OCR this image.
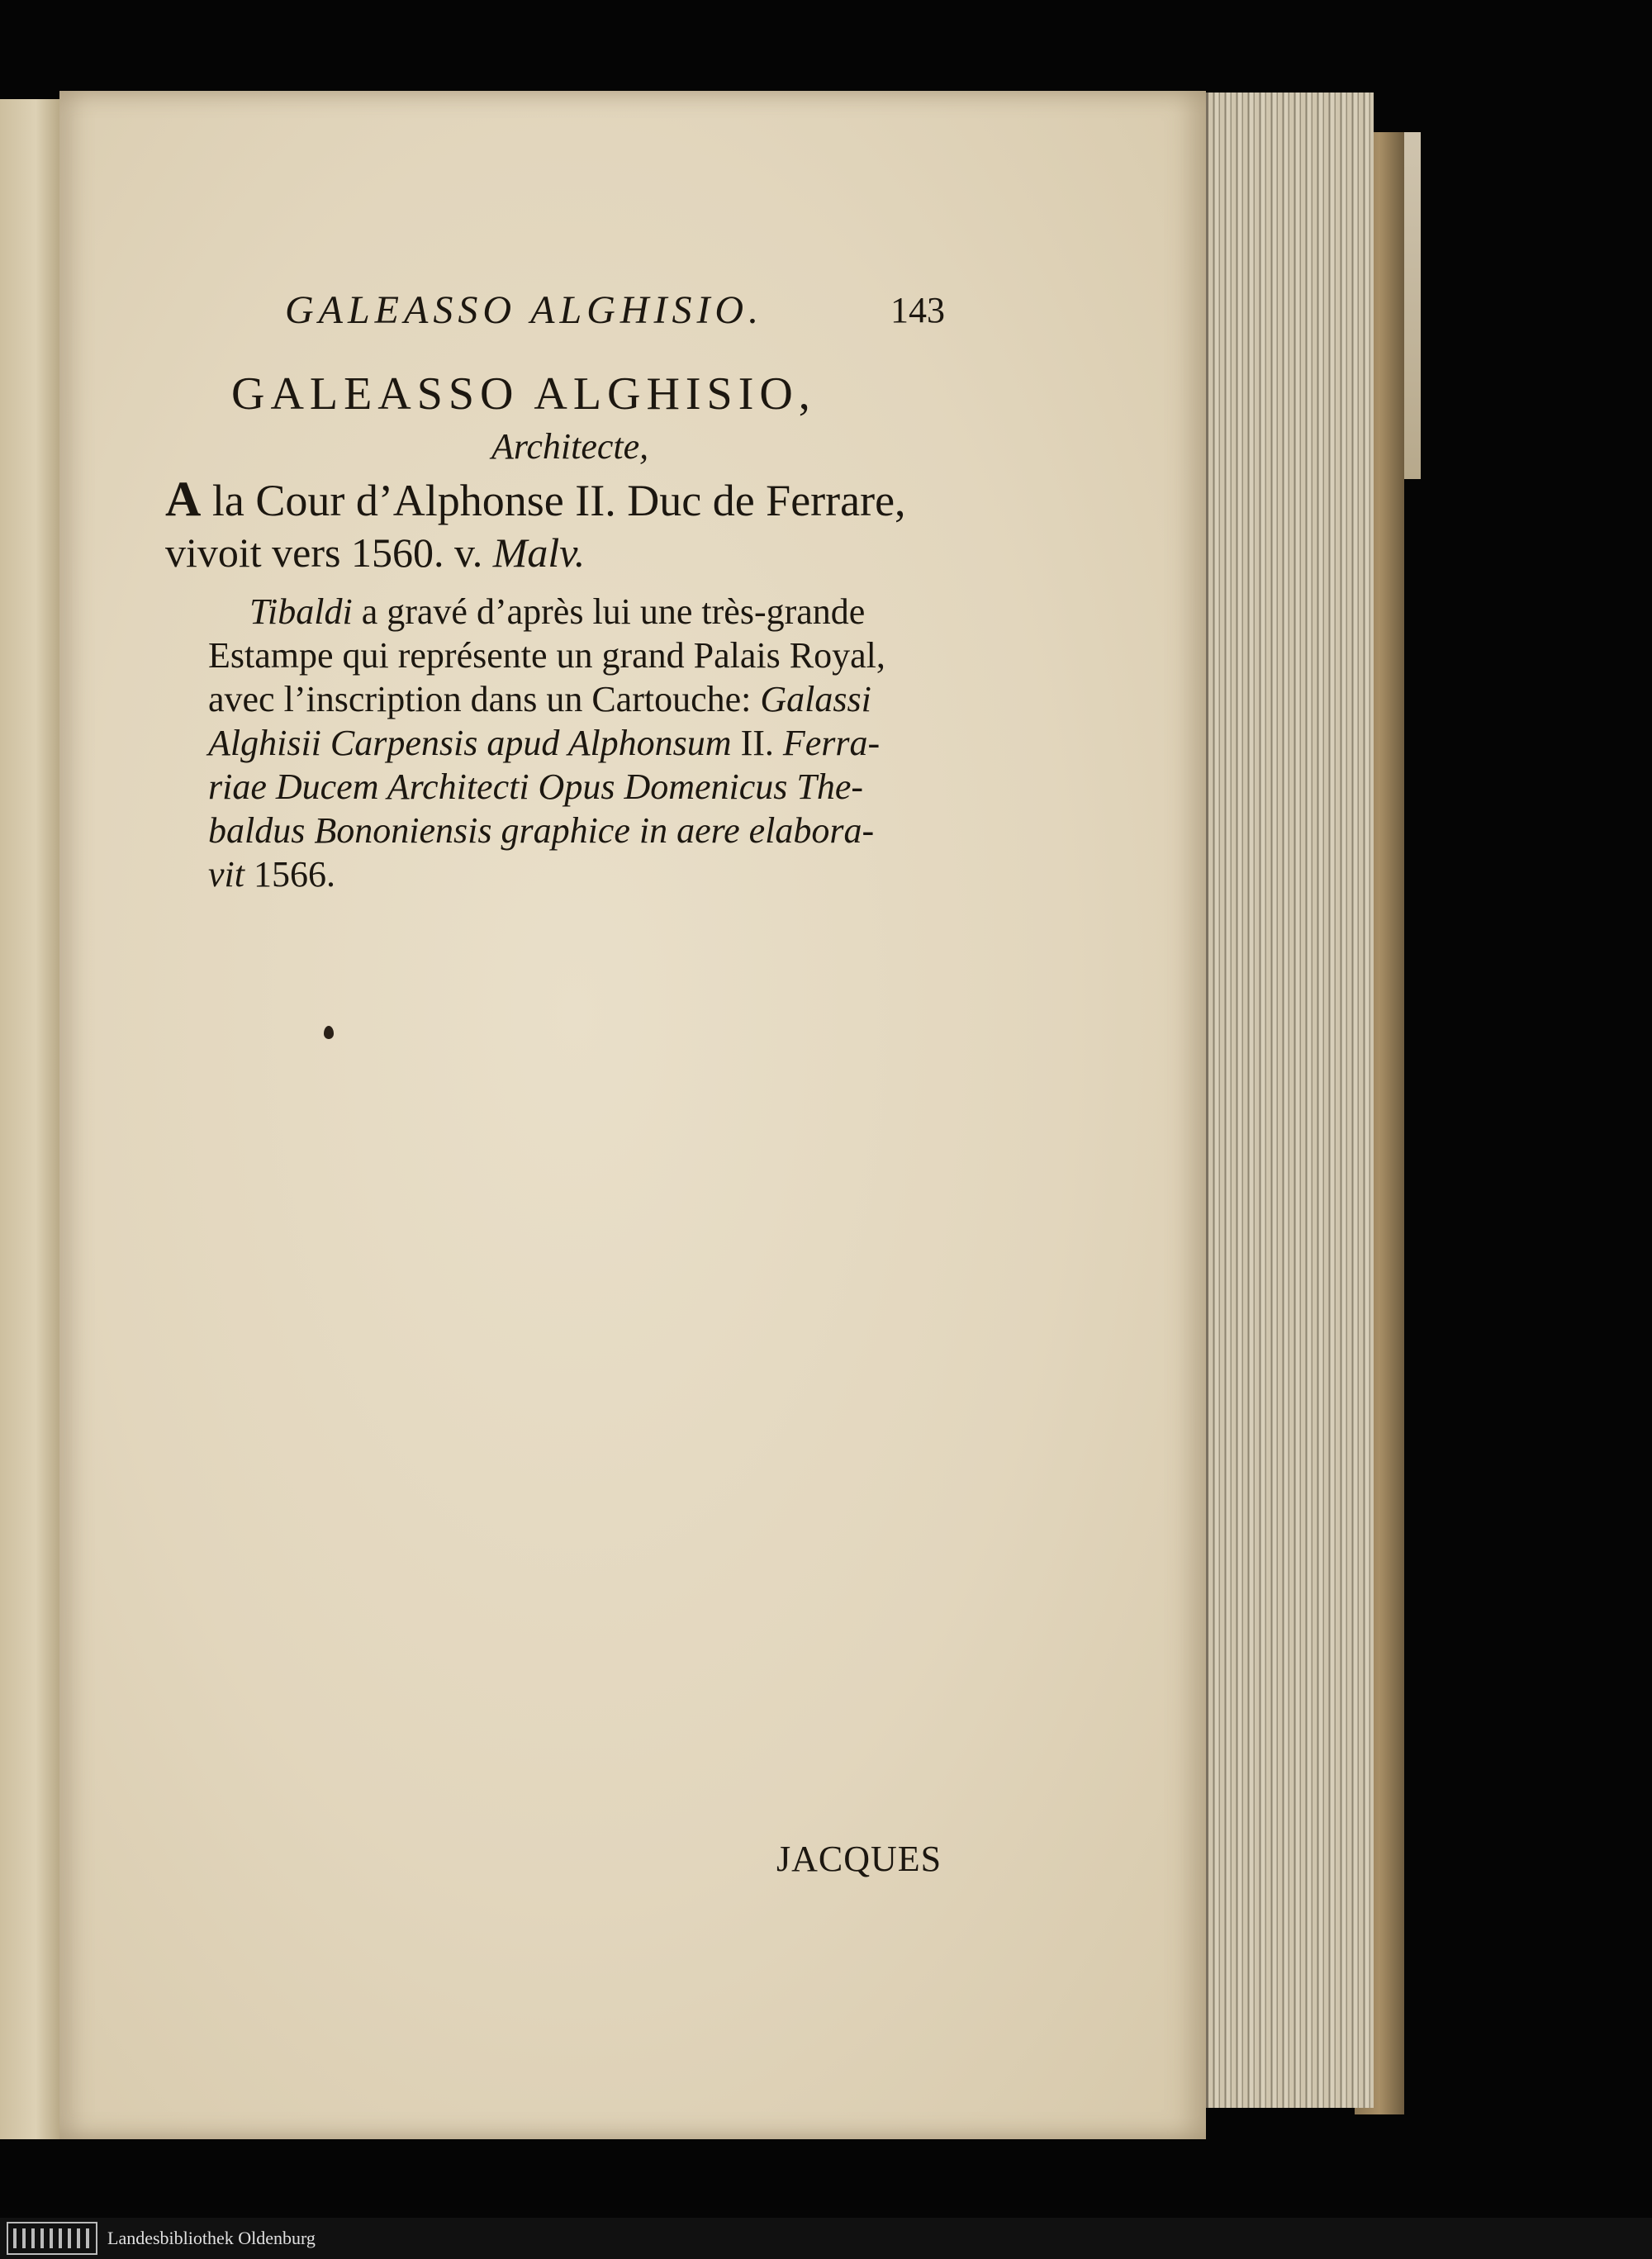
GALEASSO ALGHISIO.	143
GALEASSO ALGHISIO,
Architecte,
A la Cour d’Alphonse II. Duc de Ferrare,
vivoit vers 1560. v. Malv.
Tibaldi a gravé d’après lui une très-grande
Estampe qui représente un grand Palais Royal,
avec l’inscription dans un Cartouche: Galassi
Alghisii Carpensis apud Alphonsum II. Ferra-
riae Ducem Architecti Opus Domenicus The-
baldus Bononiensis graphice in aere elabora-
vit 1566.
JACQUES
Landesbibliothek Oldenburg
